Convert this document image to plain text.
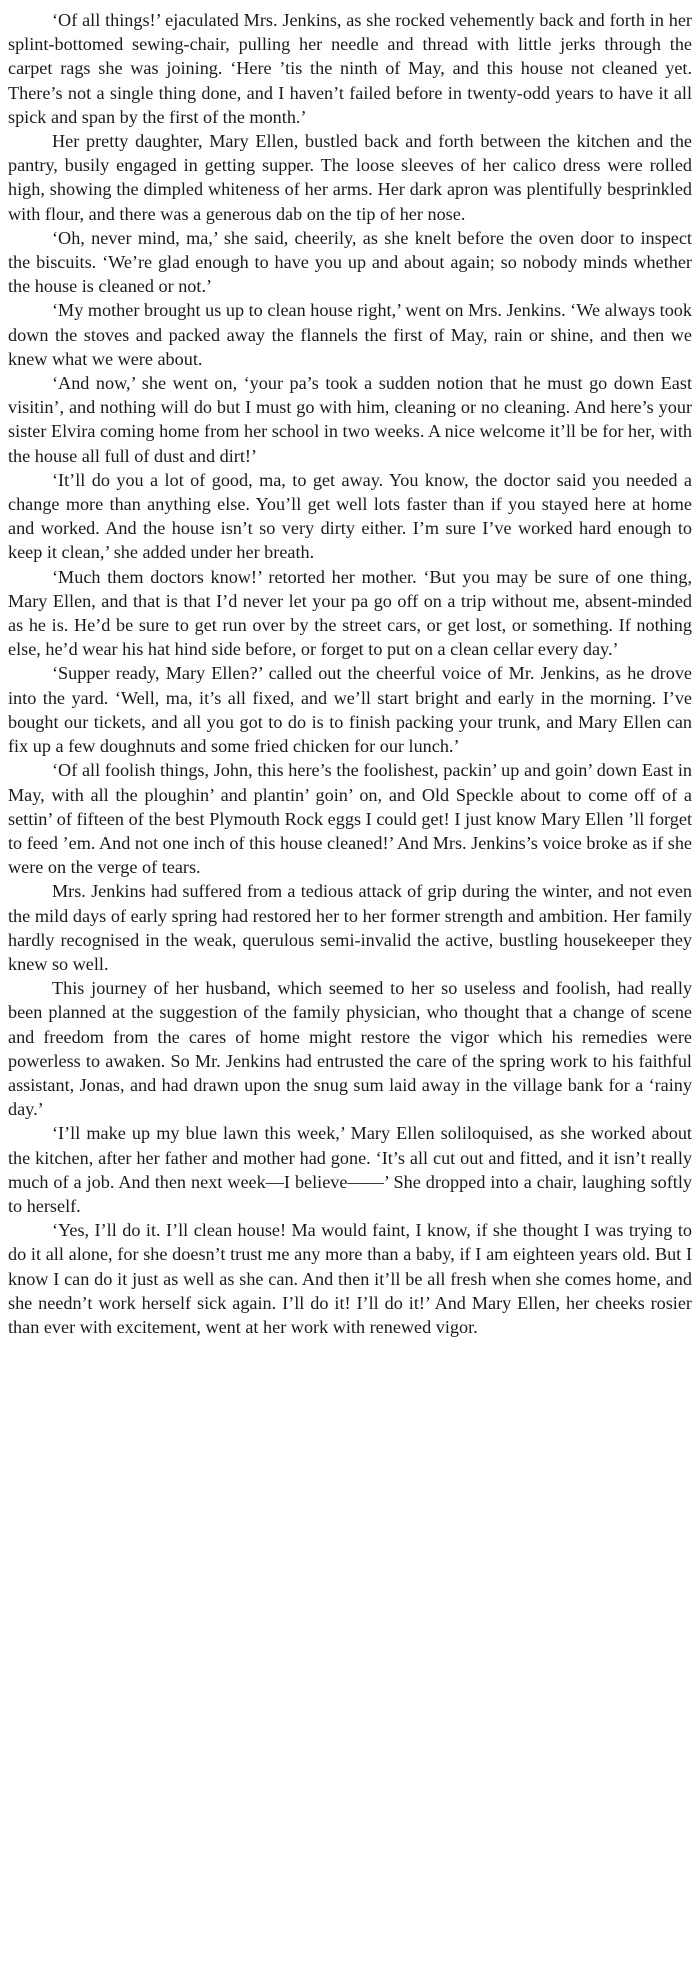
‘Of all things!’ ejaculated Mrs. Jenkins, as she rocked vehemently back and forth in her splint-bottomed sewing-chair, pulling her needle and thread with little jerks through the carpet rags she was joining. ‘Here ’tis the ninth of May, and this house not cleaned yet. There’s not a single thing done, and I haven’t failed before in twenty-odd years to have it all spick and span by the first of the month.’

Her pretty daughter, Mary Ellen, bustled back and forth between the kitchen and the pantry, busily engaged in getting supper. The loose sleeves of her calico dress were rolled high, showing the dimpled whiteness of her arms. Her dark apron was plentifully besprinkled with flour, and there was a generous dab on the tip of her nose.

‘Oh, never mind, ma,’ she said, cheerily, as she knelt before the oven door to inspect the biscuits. ‘We’re glad enough to have you up and about again; so nobody minds whether the house is cleaned or not.’

‘My mother brought us up to clean house right,’ went on Mrs. Jenkins. ‘We always took down the stoves and packed away the flannels the first of May, rain or shine, and then we knew what we were about.

‘And now,’ she went on, ‘your pa’s took a sudden notion that he must go down East visitin’, and nothing will do but I must go with him, cleaning or no cleaning. And here’s your sister Elvira coming home from her school in two weeks. A nice welcome it’ll be for her, with the house all full of dust and dirt!’

‘It’ll do you a lot of good, ma, to get away. You know, the doctor said you needed a change more than anything else. You’ll get well lots faster than if you stayed here at home and worked. And the house isn’t so very dirty either. I’m sure I’ve worked hard enough to keep it clean,’ she added under her breath.

‘Much them doctors know!’ retorted her mother. ‘But you may be sure of one thing, Mary Ellen, and that is that I’d never let your pa go off on a trip without me, absent-minded as he is. He’d be sure to get run over by the street cars, or get lost, or something. If nothing else, he’d wear his hat hind side before, or forget to put on a clean cellar every day.’

‘Supper ready, Mary Ellen?’ called out the cheerful voice of Mr. Jenkins, as he drove into the yard. ‘Well, ma, it’s all fixed, and we’ll start bright and early in the morning. I’ve bought our tickets, and all you got to do is to finish packing your trunk, and Mary Ellen can fix up a few doughnuts and some fried chicken for our lunch.’

‘Of all foolish things, John, this here’s the foolishest, packin’ up and goin’ down East in May, with all the ploughin’ and plantin’ goin’ on, and Old Speckle about to come off of a settin’ of fifteen of the best Plymouth Rock eggs I could get! I just know Mary Ellen ’ll forget to feed ’em. And not one inch of this house cleaned!’ And Mrs. Jenkins’s voice broke as if she were on the verge of tears.

Mrs. Jenkins had suffered from a tedious attack of grip during the winter, and not even the mild days of early spring had restored her to her former strength and ambition. Her family hardly recognised in the weak, querulous semi-invalid the active, bustling housekeeper they knew so well.

This journey of her husband, which seemed to her so useless and foolish, had really been planned at the suggestion of the family physician, who thought that a change of scene and freedom from the cares of home might restore the vigor which his remedies were powerless to awaken. So Mr. Jenkins had entrusted the care of the spring work to his faithful assistant, Jonas, and had drawn upon the snug sum laid away in the village bank for a ‘rainy day.’

‘I’ll make up my blue lawn this week,’ Mary Ellen soliloquised, as she worked about the kitchen, after her father and mother had gone. ‘It’s all cut out and fitted, and it isn’t really much of a job. And then next week—I believe——’ She dropped into a chair, laughing softly to herself.

‘Yes, I’ll do it. I’ll clean house! Ma would faint, I know, if she thought I was trying to do it all alone, for she doesn’t trust me any more than a baby, if I am eighteen years old. But I know I can do it just as well as she can. And then it’ll be all fresh when she comes home, and she needn’t work herself sick again. I’ll do it! I’ll do it!’ And Mary Ellen, her cheeks rosier than ever with excitement, went at her work with renewed vigor.
